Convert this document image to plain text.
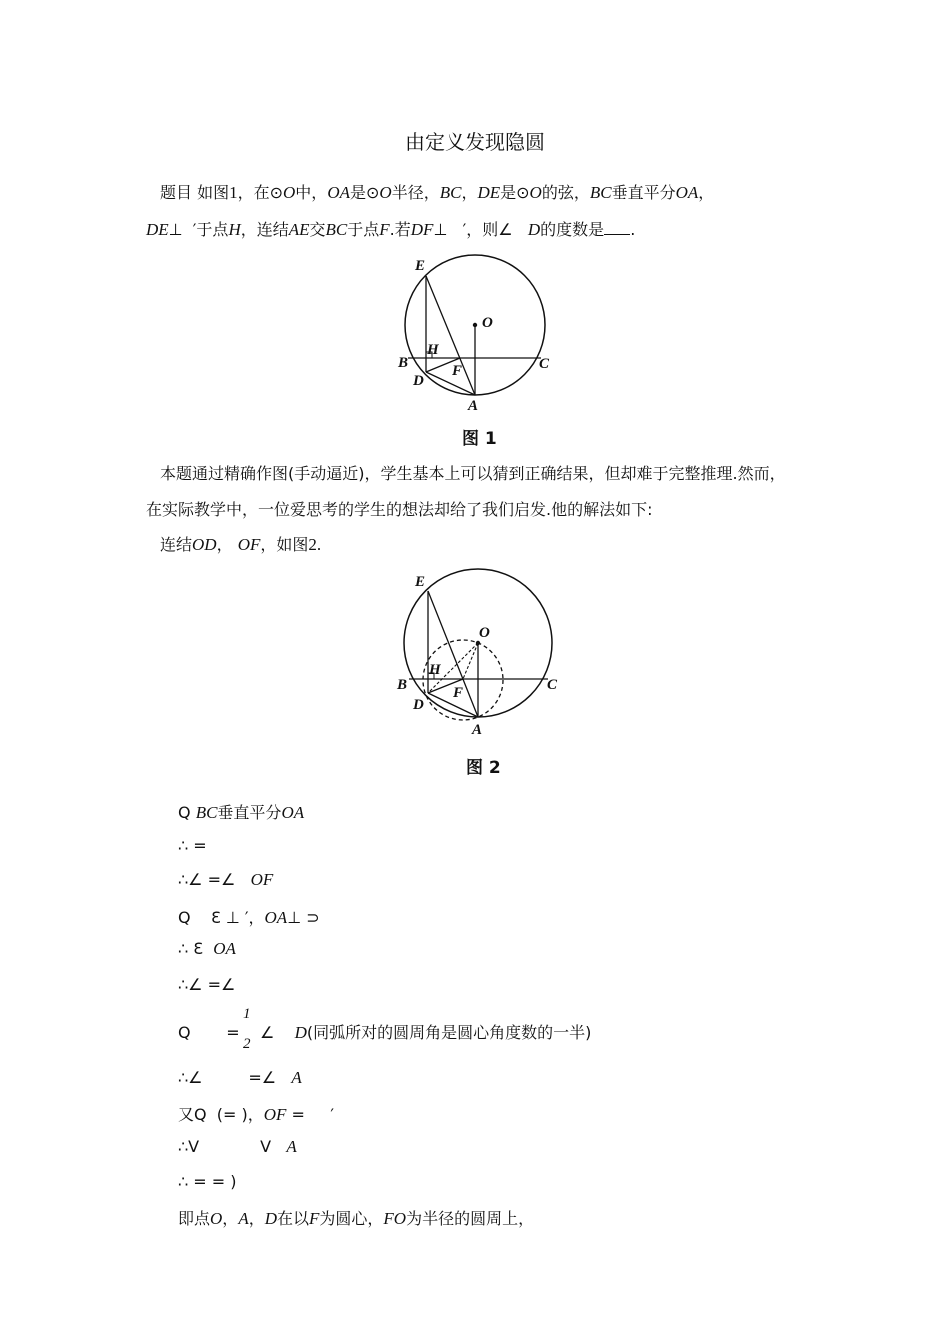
由定义发现隐圆
题目 如图1，在⊙O中，OA是⊙O半径，BC，DE是⊙O的弦，BC垂直平分OA，
DE⊥ ′于点H，连结AE交BC于点F.若DF⊥ ′，则∠ D的度数是 .
E
O
H
B	C
D
F
A
图 1
本题通过精确作图(手动逼近)，学生基本上可以猜到正确结果，但却难于完整推理.然而，
在实际教学中，一位爱思考的学生的想法却给了我们启发.他的解法如下:
连结OD， OF，如图2.
E
O
H
B	C
D
F
A
图 2
Q BC垂直平分OA
∴ =
∴∠ =∠ OF
Q Ɛ ⊥ ′，OA⊥ ⊃
∴ Ɛ OA
∴∠ =∠
Q = ∠ D(同弧所对的圆周角是圆心角度数的一半)
1
2
∴∠	=∠ A
又Q (= )，OF = ′
∴V	V A
∴ = = )
即点O，A，D在以F为圆心，FO为半径的圆周上，
